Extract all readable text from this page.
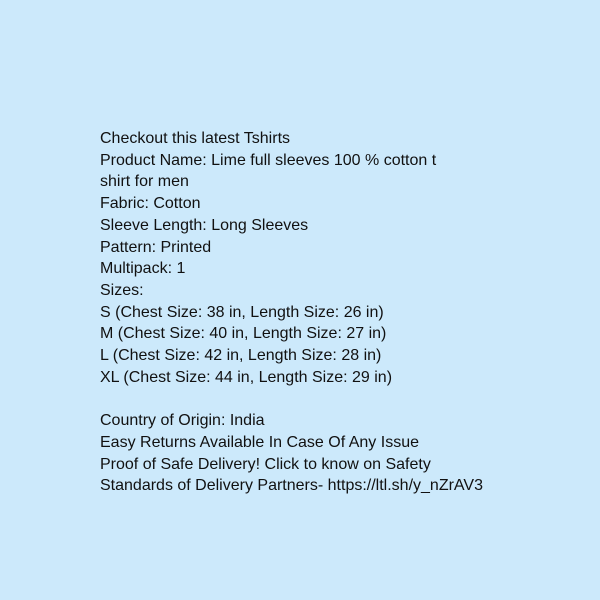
Checkout this latest Tshirts
Product Name: Lime full sleeves 100 % cotton t
shirt for men
Fabric: Cotton
Sleeve Length: Long Sleeves
Pattern: Printed
Multipack: 1
Sizes:
S (Chest Size: 38 in, Length Size: 26 in)
M (Chest Size: 40 in, Length Size: 27 in)
L (Chest Size: 42 in, Length Size: 28 in)
XL (Chest Size: 44 in, Length Size: 29 in)
Country of Origin: India
Easy Returns Available In Case Of Any Issue
Proof of Safe Delivery! Click to know on Safety
Standards of Delivery Partners- https://ltl.sh/y_nZrAV3
